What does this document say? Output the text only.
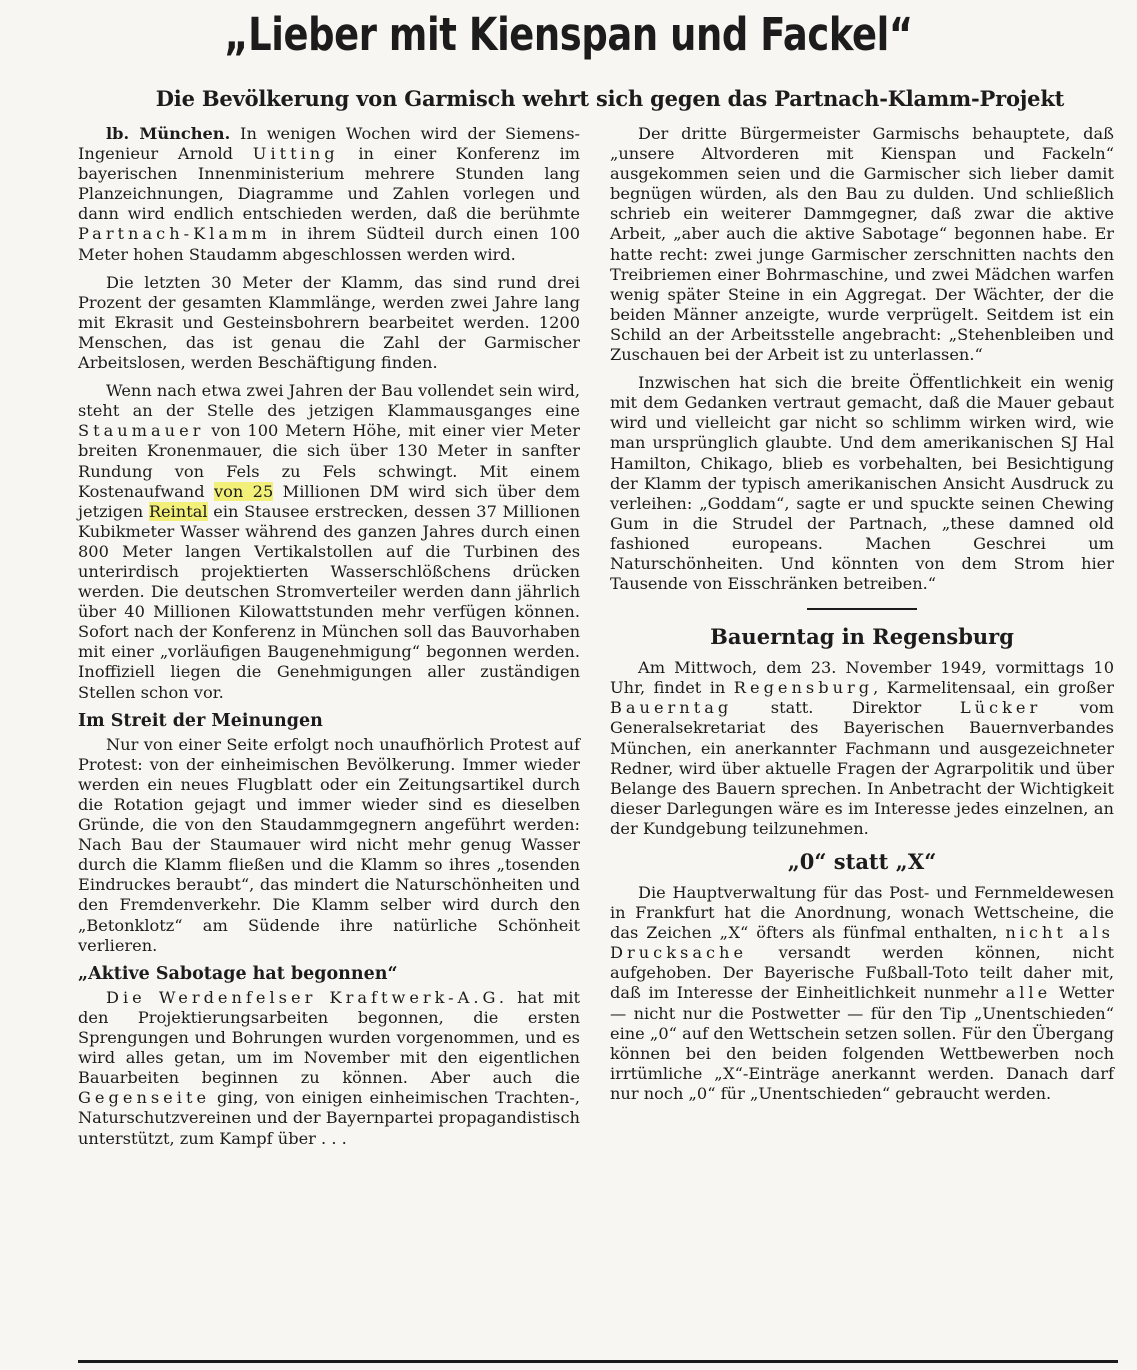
„Lieber mit Kienspan und Fackel“
Die Bevölkerung von Garmisch wehrt sich gegen das Partnach-Klamm-Projekt

lb. München. In wenigen Wochen wird der Siemens-Ingenieur Arnold Uitting in einer Konferenz im bayerischen Innenministerium mehrere Stunden lang Planzeichnungen, Diagramme und Zahlen vorlegen und dann wird endlich entschieden werden, daß die berühmte Partnach-Klamm in ihrem Südteil durch einen 100 Meter hohen Staudamm abgeschlossen werden wird.

Die letzten 30 Meter der Klamm, das sind rund drei Prozent der gesamten Klammlänge, werden zwei Jahre lang mit Ekrasit und Gesteinsbohrern bearbeitet werden. 1200 Menschen, das ist genau die Zahl der Garmischer Arbeitslosen, werden Beschäftigung finden.

Wenn nach etwa zwei Jahren der Bau vollendet sein wird, steht an der Stelle des jetzigen Klammausganges eine Staumauer von 100 Metern Höhe, mit einer vier Meter breiten Kronenmauer, die sich über 130 Meter in sanfter Rundung von Fels zu Fels schwingt. Mit einem Kostenaufwand von 25 Millionen DM wird sich über dem jetzigen Reintal ein Stausee erstrecken, dessen 37 Millionen Kubikmeter Wasser während des ganzen Jahres durch einen 800 Meter langen Vertikalstollen auf die Turbinen des unterirdisch projektierten Wasserschlößchens drücken werden. Die deutschen Stromverteiler werden dann jährlich über 40 Millionen Kilowattstunden mehr verfügen können. Sofort nach der Konferenz in München soll das Bauvorhaben mit einer „vorläufigen Baugenehmigung“ begonnen werden. Inoffiziell liegen die Genehmigungen aller zuständigen Stellen schon vor.

Im Streit der Meinungen

Nur von einer Seite erfolgt noch unaufhörlich Protest auf Protest: von der einheimischen Bevölkerung. Immer wieder werden ein neues Flugblatt oder ein Zeitungsartikel durch die Rotation gejagt und immer wieder sind es dieselben Gründe, die von den Staudammgegnern angeführt werden: Nach Bau der Staumauer wird nicht mehr genug Wasser durch die Klamm fließen und die Klamm so ihres „tosenden Eindruckes beraubt“, das mindert die Naturschönheiten und den Fremdenverkehr. Die Klamm selber wird durch den „Betonklotz“ am Südende ihre natürliche Schönheit verlieren.

„Aktive Sabotage hat begonnen“

Die Werdenfelser Kraftwerk-A.G. hat mit den Projektierungsarbeiten begonnen, die ersten Sprengungen und Bohrungen wurden vorgenommen, und es wird alles getan, um im November mit den eigentlichen Bauarbeiten beginnen zu können. Aber auch die Gegenseite ging, von einigen einheimischen Trachten-, Naturschutzvereinen und der Bayernpartei propagandistisch unterstützt, zum Kampf über . . .

Der dritte Bürgermeister Garmischs behauptete, daß „unsere Altvorderen mit Kienspan und Fackeln“ ausgekommen seien und die Garmischer sich lieber damit begnügen würden, als den Bau zu dulden. Und schließlich schrieb ein weiterer Dammgegner, daß zwar die aktive Arbeit, „aber auch die aktive Sabotage“ begonnen habe. Er hatte recht: zwei junge Garmischer zerschnitten nachts den Treibriemen einer Bohrmaschine, und zwei Mädchen warfen wenig später Steine in ein Aggregat. Der Wächter, der die beiden Männer anzeigte, wurde verprügelt. Seitdem ist ein Schild an der Arbeitsstelle angebracht: „Stehenbleiben und Zuschauen bei der Arbeit ist zu unterlassen.“

Inzwischen hat sich die breite Öffentlichkeit ein wenig mit dem Gedanken vertraut gemacht, daß die Mauer gebaut wird und vielleicht gar nicht so schlimm wirken wird, wie man ursprünglich glaubte. Und dem amerikanischen SJ Hal Hamilton, Chikago, blieb es vorbehalten, bei Besichtigung der Klamm der typisch amerikanischen Ansicht Ausdruck zu verleihen: „Goddam“, sagte er und spuckte seinen Chewing Gum in die Strudel der Partnach, „these damned old fashioned europeans. Machen Geschrei um Naturschönheiten. Und könnten von dem Strom hier Tausende von Eisschränken betreiben.“

Bauerntag in Regensburg

Am Mittwoch, dem 23. November 1949, vormittags 10 Uhr, findet in Regensburg, Karmelitensaal, ein großer Bauerntag statt. Direktor Lücker vom Generalsekretariat des Bayerischen Bauernverbandes München, ein anerkannter Fachmann und ausgezeichneter Redner, wird über aktuelle Fragen der Agrarpolitik und über Belange des Bauern sprechen. In Anbetracht der Wichtigkeit dieser Darlegungen wäre es im Interesse jedes einzelnen, an der Kundgebung teilzunehmen.

„0“ statt „X“

Die Hauptverwaltung für das Post- und Fernmeldewesen in Frankfurt hat die Anordnung, wonach Wettscheine, die das Zeichen „X“ öfters als fünfmal enthalten, nicht als Drucksache versandt werden können, nicht aufgehoben. Der Bayerische Fußball-Toto teilt daher mit, daß im Interesse der Einheitlichkeit nunmehr alle Wetter — nicht nur die Postwetter — für den Tip „Unentschieden“ eine „0“ auf den Wettschein setzen sollen. Für den Übergang können bei den beiden folgenden Wettbewerben noch irrtümliche „X“-Einträge anerkannt werden. Danach darf nur noch „0“ für „Unentschieden“ gebraucht werden.
